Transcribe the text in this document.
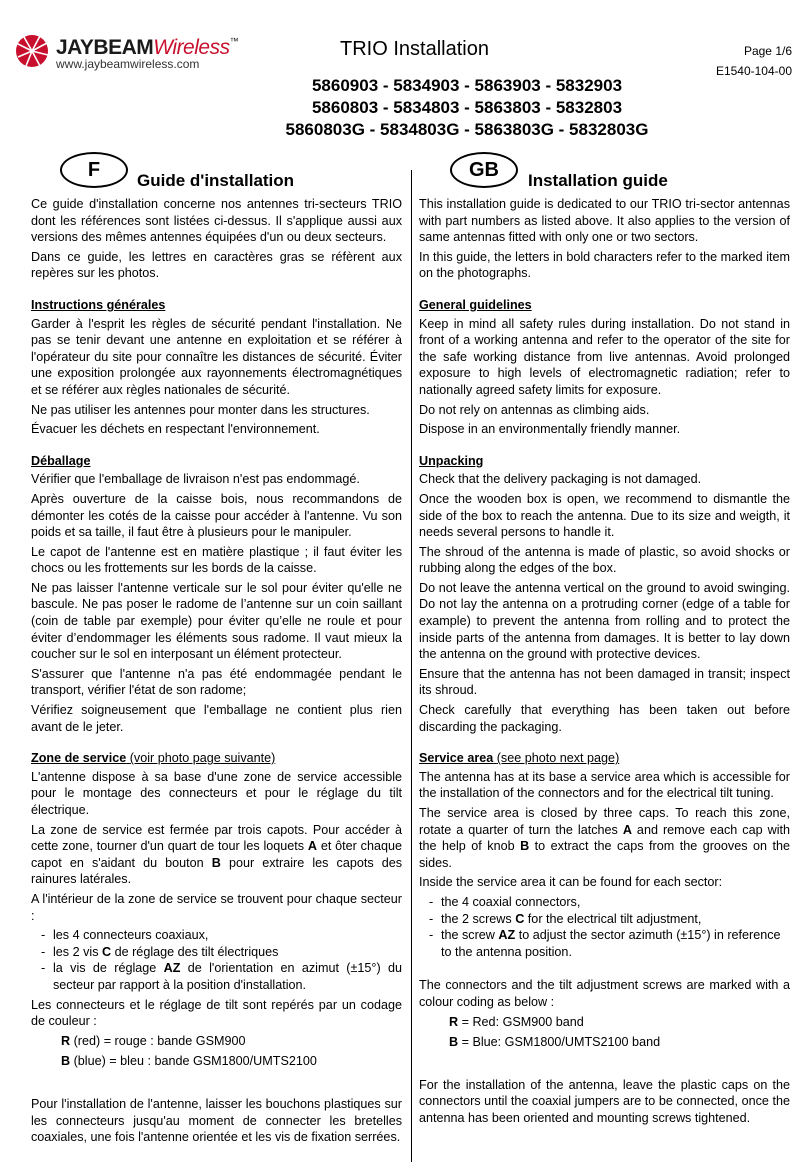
JAYBEAMWireless™
www.jaybeamwireless.com
TRIO Installation	Page 1/6
E1540-104-00
5860903 - 5834903 - 5863903 - 5832903
5860803 - 5834803 - 5863803 - 5832803
5860803G - 5834803G - 5863803G - 5832803G
F	Guide d'installation	GB	Installation guide

Ce guide d'installation concerne nos antennes tri-secteurs TRIO dont les références sont listées ci-dessus. Il s'applique aussi aux versions des mêmes antennes équipées d'un ou deux secteurs.

Dans ce guide, les lettres en caractères gras se réfèrent aux repères sur les photos.

Instructions générales

Garder à l'esprit les règles de sécurité pendant l'installation. Ne pas se tenir devant une antenne en exploitation et se référer à l'opérateur du site pour connaître les distances de sécurité. Éviter une exposition prolongée aux rayonnements électromagnétiques et se référer aux règles nationales de sécurité.

Ne pas utiliser les antennes pour monter dans les structures.

Évacuer les déchets en respectant l'environnement.

Déballage

Vérifier que l'emballage de livraison n'est pas endommagé.

Après ouverture de la caisse bois, nous recommandons de démonter les cotés de la caisse pour accéder à l'antenne. Vu son poids et sa taille, il faut être à plusieurs pour le manipuler.

Le capot de l'antenne est en matière plastique ; il faut éviter les chocs ou les frottements sur les bords de la caisse.

Ne pas laisser l'antenne verticale sur le sol pour éviter qu'elle ne bascule. Ne pas poser le radome de l’antenne sur un coin saillant (coin de table par exemple) pour éviter qu’elle ne roule et pour éviter d’endommager les éléments sous radome. Il vaut mieux la coucher sur le sol en interposant un élément protecteur.

S'assurer que l'antenne n'a pas été endommagée pendant le transport, vérifier l'état de son radome;

Vérifiez soigneusement que l'emballage ne contient plus rien avant de le jeter.

Zone de service (voir photo page suivante)

L'antenne dispose à sa base d'une zone de service accessible pour le montage des connecteurs et pour le réglage du tilt électrique.

La zone de service est fermée par trois capots. Pour accéder à cette zone, tourner d'un quart de tour les loquets A et ôter chaque capot en s'aidant du bouton B pour extraire les capots des rainures latérales.

A l'intérieur de la zone de service se trouvent pour chaque secteur :

- les 4 connecteurs coaxiaux,
- les 2 vis C de réglage des tilt électriques
- la vis de réglage AZ de l'orientation en azimut (±15°) du secteur par rapport à la position d'installation.

Les connecteurs et le réglage de tilt sont repérés par un codage de couleur :

R (red) = rouge : bande GSM900

B (blue) = bleu : bande GSM1800/UMTS2100

Pour l'installation de l'antenne, laisser les bouchons plastiques sur les connecteurs jusqu'au moment de connecter les bretelles coaxiales, une fois l'antenne orientée et les vis de fixation serrées.

This installation guide is dedicated to our TRIO tri-sector antennas with part numbers as listed above. It also applies to the version of same antennas fitted with only one or two sectors.

In this guide, the letters in bold characters refer to the marked item on the photographs.

General guidelines

Keep in mind all safety rules during installation. Do not stand in front of a working antenna and refer to the operator of the site for the safe working distance from live antennas. Avoid prolonged exposure to high levels of electromagnetic radiation; refer to nationally agreed safety limits for exposure.

Do not rely on antennas as climbing aids.

Dispose in an environmentally friendly manner.

Unpacking

Check that the delivery packaging is not damaged.

Once the wooden box is open, we recommend to dismantle the side of the box to reach the antenna. Due to its size and weigth, it needs several persons to handle it.

The shroud of the antenna is made of plastic, so avoid shocks or rubbing along the edges of the box.

Do not leave the antenna vertical on the ground to avoid swinging. Do not lay the antenna on a protruding corner (edge of a table for example) to prevent the antenna from rolling and to protect the inside parts of the antenna from damages. It is better to lay down the antenna on the ground with protective devices.

Ensure that the antenna has not been damaged in transit; inspect its shroud.

Check carefully that everything has been taken out before discarding the packaging.

Service area (see photo next page)

The antenna has at its base a service area which is accessible for the installation of the connectors and for the electrical tilt tuning.

The service area is closed by three caps. To reach this zone, rotate a quarter of turn the latches A and remove each cap with the help of knob B to extract the caps from the grooves on the sides.

Inside the service area it can be found for each sector:

- the 4 coaxial connectors,
- the 2 screws C for the electrical tilt adjustment,
- the screw AZ to adjust the sector azimuth (±15°) in reference to the antenna position.

The connectors and the tilt adjustment screws are marked with a colour coding as below :

R = Red: GSM900 band

B = Blue: GSM1800/UMTS2100 band

For the installation of the antenna, leave the plastic caps on the connectors until the coaxial jumpers are to be connected, once the antenna has been oriented and mounting screws tightened.
